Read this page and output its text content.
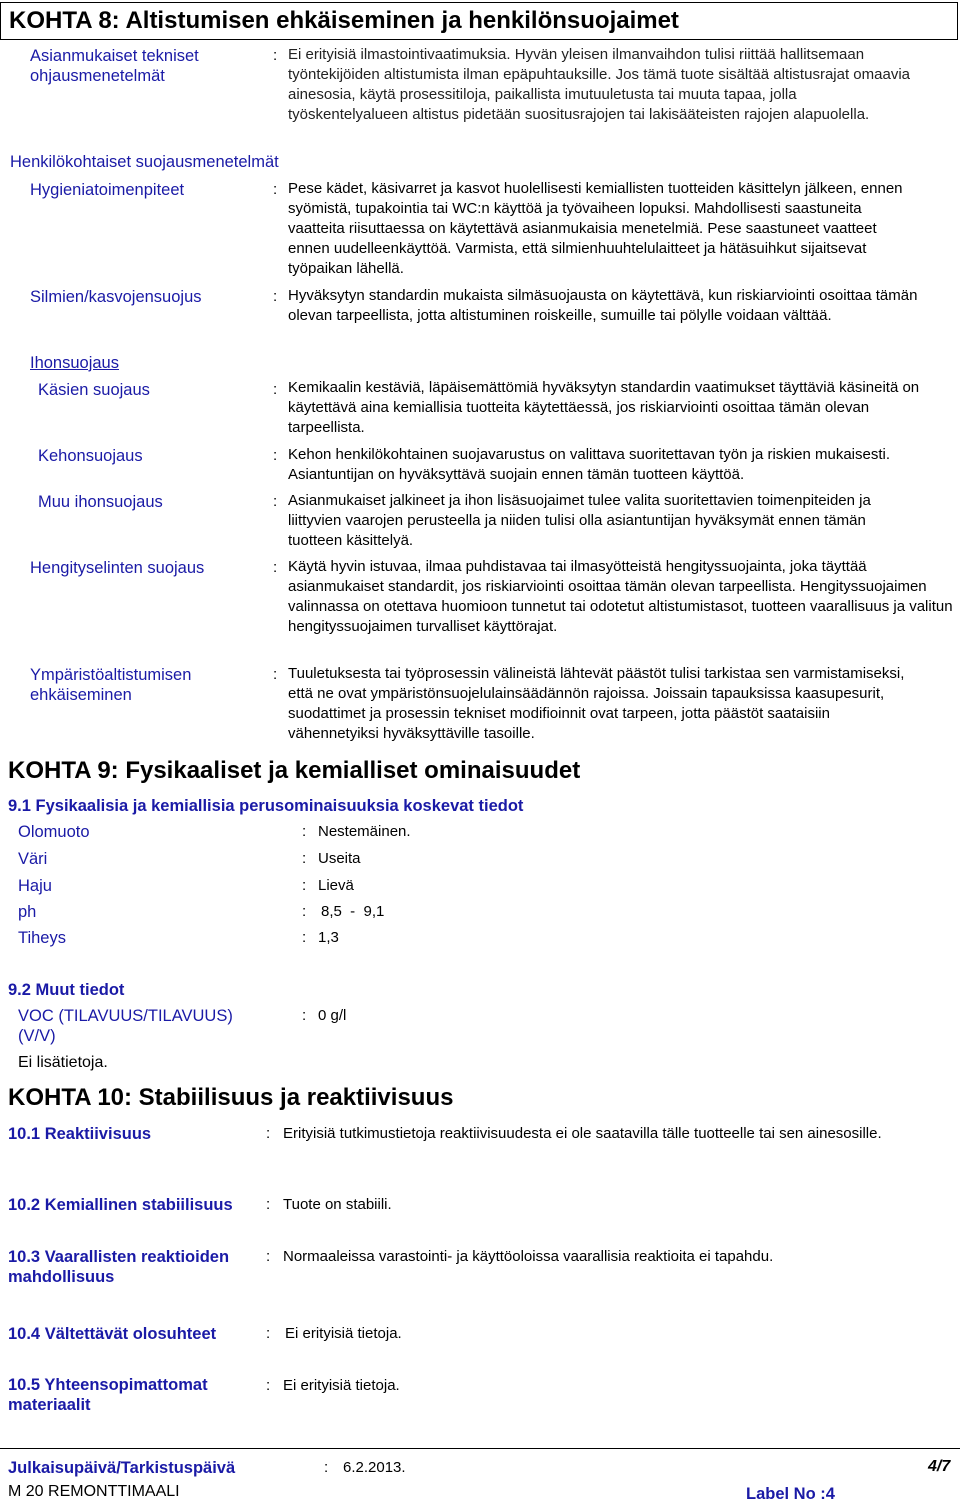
KOHTA 8: Altistumisen ehkäiseminen ja henkilönsuojaimet
Asianmukaiset tekniset ohjausmenetelmät
: Ei erityisiä ilmastointivaatimuksia. Hyvän yleisen ilmanvaihdon tulisi riittää hallitsemaan työntekijöiden altistumista ilman epäpuhtauksille. Jos tämä tuote sisältää altistusrajat omaavia ainesosia, käytä prosessitiloja, paikallista imutuuletusta tai muuta tapaa, jolla työskentelyalueen altistus pidetään suositusrajojen tai lakisääteisten rajojen alapuolella.
Henkilökohtaiset suojausmenetelmät
Hygieniatoimenpiteet	: Pese kädet, käsivarret ja kasvot huolellisesti kemiallisten tuotteiden käsittelyn jälkeen, ennen syömistä, tupakointia tai WC:n käyttöä ja työvaiheen lopuksi. Mahdollisesti saastuneita vaatteita riisuttaessa on käytettävä asianmukaisia menetelmiä. Pese saastuneet vaatteet ennen uudelleenkäyttöä. Varmista, että silmienhuuhtelulaitteet ja hätäsuihkut sijaitsevat työpaikan lähellä.
Silmien/kasvojensuojus	: Hyväksytyn standardin mukaista silmäsuojausta on käytettävä, kun riskiarviointi osoittaa tämän olevan tarpeellista, jotta altistuminen roiskeille, sumuille tai pölylle voidaan välttää.
Ihonsuojaus
Käsien suojaus	: Kemikaalin kestäviä, läpäisemättömiä hyväksytyn standardin vaatimukset täyttäviä käsineitä on käytettävä aina kemiallisia tuotteita käytettäessä, jos riskiarviointi osoittaa tämän olevan tarpeellista.
Kehonsuojaus	: Kehon henkilökohtainen suojavarustus on valittava suoritettavan työn ja riskien mukaisesti. Asiantuntijan on hyväksyttävä suojain ennen tämän tuotteen käyttöä.
Muu ihonsuojaus	: Asianmukaiset jalkineet ja ihon lisäsuojaimet tulee valita suoritettavien toimenpiteiden ja liittyvien vaarojen perusteella ja niiden tulisi olla asiantuntijan hyväksymät ennen tämän tuotteen käsittelyä.
Hengityselinten suojaus	: Käytä hyvin istuvaa, ilmaa puhdistavaa tai ilmasyötteistä hengityssuojainta, joka täyttää asianmukaiset standardit, jos riskiarviointi osoittaa tämän olevan tarpeellista. Hengityssuojaimen valinnassa on otettava huomioon tunnetut tai odotetut altistumistasot, tuotteen vaarallisuus ja valitun hengityssuojaimen turvalliset käyttörajat.
Ympäristöaltistumisen ehkäiseminen
: Tuuletuksesta tai työprosessin välineistä lähtevät päästöt tulisi tarkistaa sen varmistamiseksi, että ne ovat ympäristönsuojelulainsäädännön rajoissa. Joissain tapauksissa kaasupesurit, suodattimet ja prosessin tekniset modifioinnit ovat tarpeen, jotta päästöt saataisiin vähennetyiksi hyväksyttäville tasoille.
KOHTA 9: Fysikaaliset ja kemialliset ominaisuudet
9.1 Fysikaalisia ja kemiallisia perusominaisuuksia koskevat tiedot
Olomuoto	: Nestemäinen.
Väri	: Useita
Haju	: Lievä
ph	: 8,5  -  9,1
Tiheys	: 1,3
9.2 Muut tiedot
VOC (TILAVUUS/TILAVUUS) (V/V)
: 0 g/l
Ei lisätietoja.
KOHTA 10: Stabiilisuus ja reaktiivisuus
10.1 Reaktiivisuus	: Erityisiä tutkimustietoja reaktiivisuudesta ei ole saatavilla tälle tuotteelle tai sen ainesosille.
10.2 Kemiallinen stabiilisuus : Tuote on stabiili.
10.3 Vaarallisten reaktioiden mahdollisuus
: Normaaleissa varastointi- ja käyttöoloissa vaarallisia reaktioita ei tapahdu.
10.4 Vältettävät olosuhteet	: Ei erityisiä tietoja.
10.5 Yhteensopimattomat materiaalit
: Ei erityisiä tietoja.
Julkaisupäivä/Tarkistuspäivä	: 6.2.2013.	4/7
M 20 REMONTTIMAALI	Label No :4
